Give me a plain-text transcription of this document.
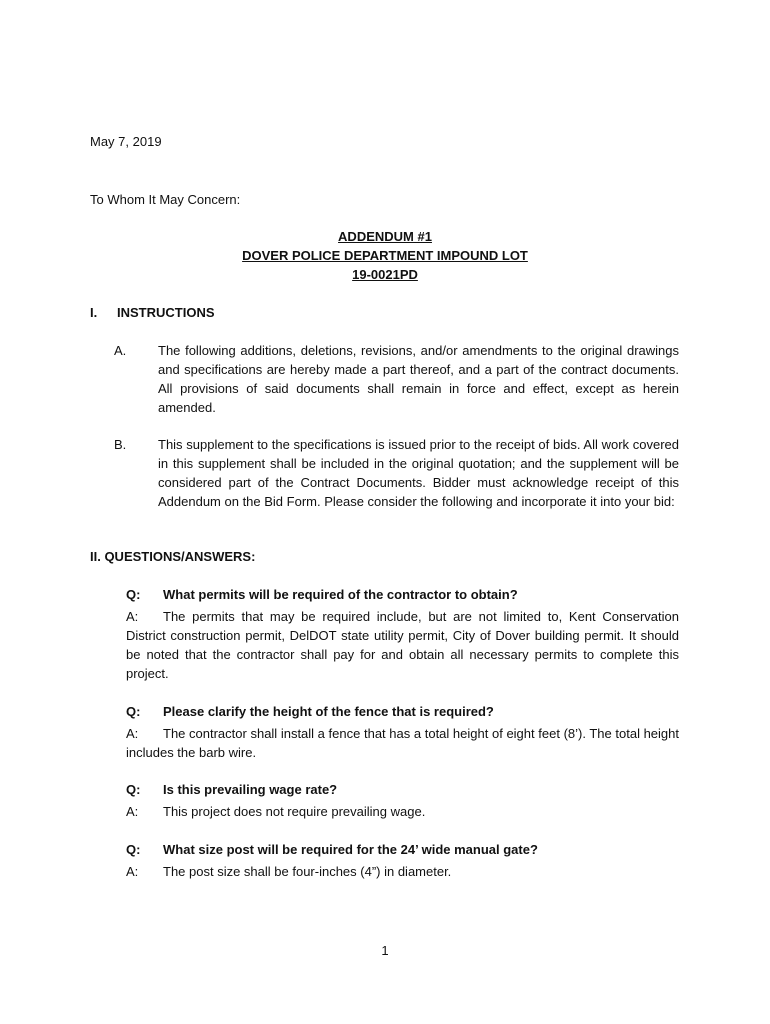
May 7, 2019
To Whom It May Concern:
ADDENDUM #1
DOVER POLICE DEPARTMENT IMPOUND LOT
19-0021PD
I. INSTRUCTIONS
A. The following additions, deletions, revisions, and/or amendments to the original drawings and specifications are hereby made a part thereof, and a part of the contract documents. All provisions of said documents shall remain in force and effect, except as herein amended.
B. This supplement to the specifications is issued prior to the receipt of bids. All work covered in this supplement shall be included in the original quotation; and the supplement will be considered part of the Contract Documents. Bidder must acknowledge receipt of this Addendum on the Bid Form. Please consider the following and incorporate it into your bid:
II. QUESTIONS/ANSWERS:
Q: What permits will be required of the contractor to obtain?
A:	The permits that may be required include, but are not limited to, Kent Conservation District construction permit, DelDOT state utility permit, City of Dover building permit. It should be noted that the contractor shall pay for and obtain all necessary permits to complete this project.
Q: Please clarify the height of the fence that is required?
A:	The contractor shall install a fence that has a total height of eight feet (8’). The total height includes the barb wire.
Q: Is this prevailing wage rate?
A: This project does not require prevailing wage.
Q: What size post will be required for the 24’ wide manual gate?
A: The post size shall be four-inches (4”) in diameter.
1
